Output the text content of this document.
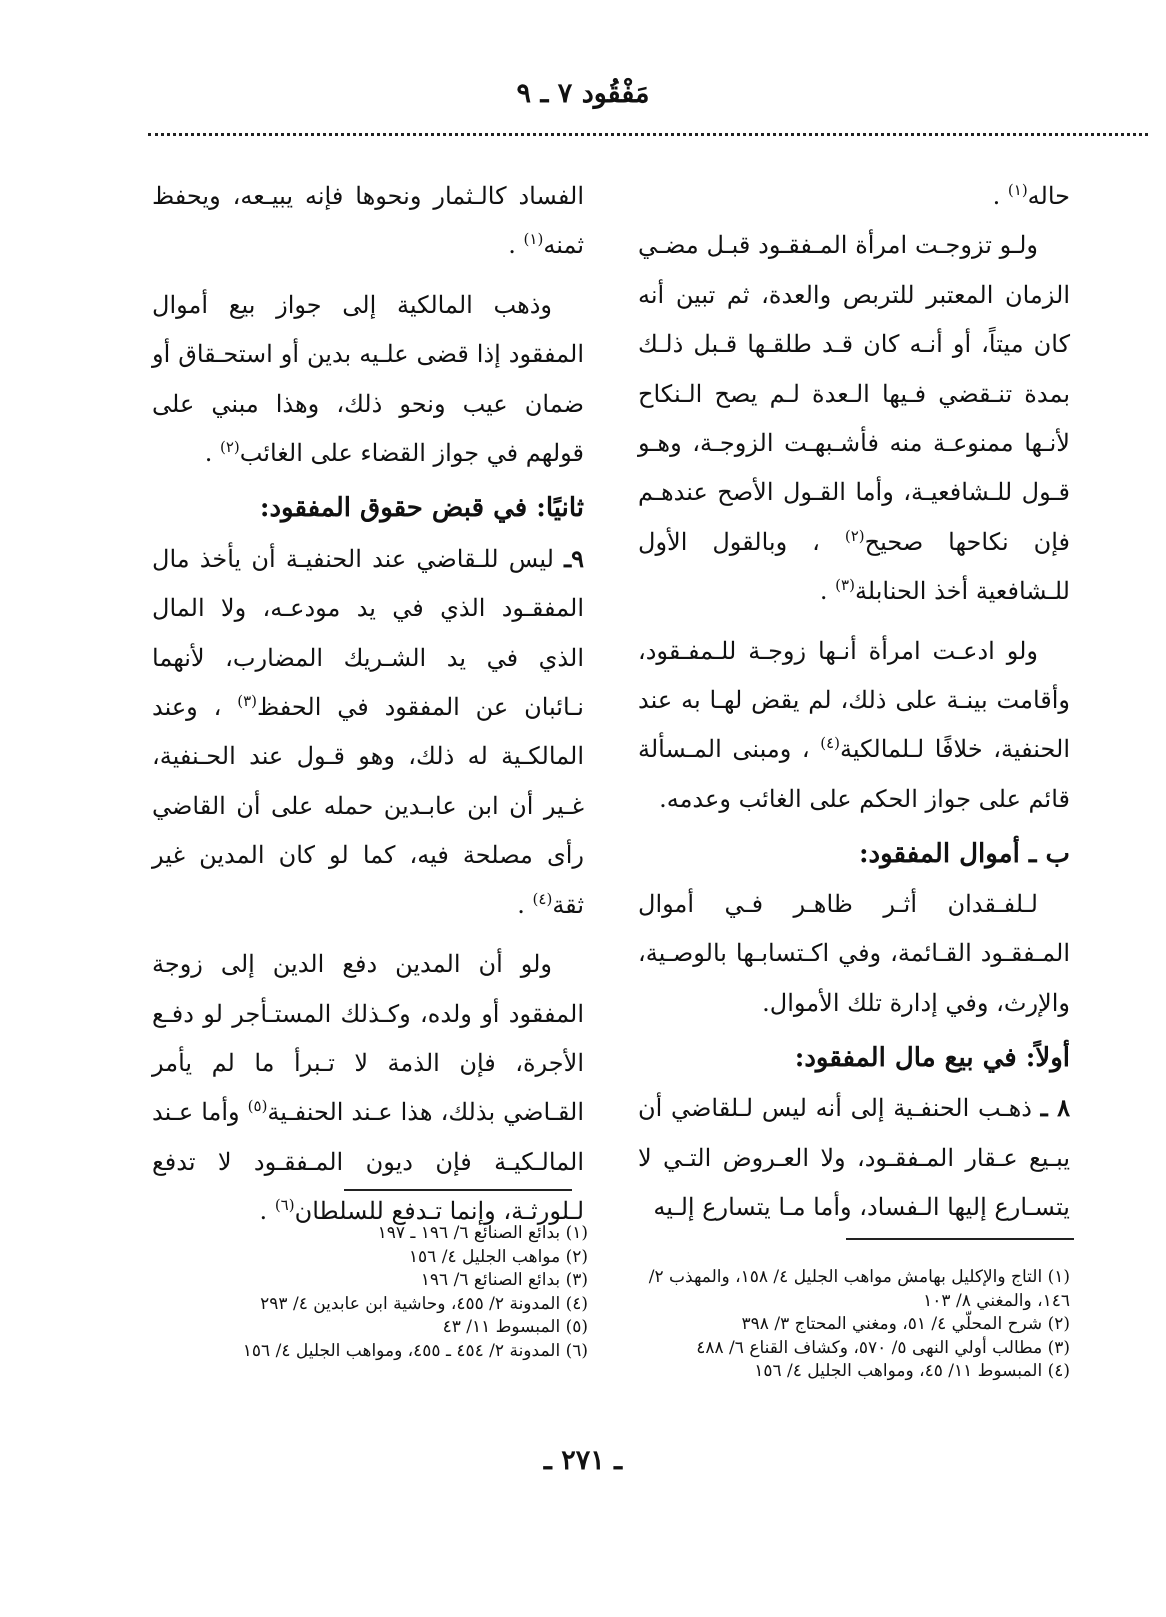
مَفْقُود ٧ ـ ٩

حاله$^{(١)}$ .

ولـو تزوجـت امرأة المـفقـود قبـل مضـي الزمان المعتبر للتربص والعدة، ثم تبين أنه كان ميتاً، أو أنـه كان قـد طلقـها قـبل ذلـك بمدة تنـقضي فـيها الـعدة لـم يصح الـنكاح لأنـها ممنوعـة منه فأشـبهـت الزوجـة، وهـو قـول للـشافعيـة، وأما القـول الأصح عندهـم فإن نكاحها صحيح$^{(٢)}$ ، وبالقول الأول للـشافعية أخذ الحنابلة$^{(٣)}$ .

ولو ادعـت امرأة أنـها زوجـة للـمفـقود، وأقامت بينـة على ذلك، لم يقض لهـا به عند الحنفية، خلافًا لـلمالكية$^{(٤)}$ ، ومبنى المـسألة قائم على جواز الحكم على الغائب وعدمه.

ب ـ أموال المفقود:

لـلفـقدان أثـر ظاهـر فـي أموال المـفقـود القـائمة، وفي اكـتسابـها بالوصـية، والإرث، وفي إدارة تلك الأموال.

أولاً: في بيع مال المفقود:

٨ ـ ذهـب الحنفـية إلى أنه ليس لـلقاضي أن يبـيع عـقار المـفقـود، ولا العـروض التـي لا يتسـارع إليها الـفساد، وأما مـا يتسارع إلـيه

الفساد كالـثمار ونحوها فإنه يبيـعه، ويحفظ ثمنه$^{(١)}$ .

وذهب المالكية إلى جواز بيع أموال المفقود إذا قضى علـيه بدين أو استحـقاق أو ضمان عيب ونحو ذلك، وهذا مبني على قولهم في جواز القضاء على الغائب$^{(٢)}$ .

ثانيًا: في قبض حقوق المفقود:

٩ـ ليس للـقاضي عند الحنفيـة أن يأخذ مال المفقـود الذي في يد مودعـه، ولا المال الذي في يد الشـريك المضارب، لأنهما نـائبان عن المفقود في الحفظ$^{(٣)}$ ، وعند المالكـية له ذلك، وهو قـول عند الحـنفية، غـير أن ابن عابـدين حمله على أن القاضي رأى مصلحة فيه، كما لو كان المدين غير ثقة$^{(٤)}$ .

ولو أن المدين دفع الدين إلى زوجة المفقود أو ولده، وكـذلك المستـأجر لو دفـع الأجرة، فإن الذمة لا تـبرأ ما لم يأمر القـاضي بذلك، هذا عـند الحنفـية$^{(٥)}$ وأما عـند المالـكيـة فإن ديون المـفقـود لا تدفع لـلورثـة، وإنما تـدفع للسلطان$^{(٦)}$ .

(١) التاج والإكليل بهامش مواهب الجليل ٤/ ١٥٨، والمهذب ٢/ ١٤٦، والمغني ٨/ ١٠٣

(٢) شرح المحلّي ٤/ ٥١، ومغني المحتاج ٣/ ٣٩٨

(٣) مطالب أولي النهى ٥/ ٥٧٠، وكشاف القناع ٦/ ٤٨٨

(٤) المبسوط ١١/ ٤٥، ومواهب الجليل ٤/ ١٥٦

(١) بدائع الصنائع ٦/ ١٩٦ ـ ١٩٧

(٢) مواهب الجليل ٤/ ١٥٦

(٣) بدائع الصنائع ٦/ ١٩٦

(٤) المدونة ٢/ ٤٥٥، وحاشية ابن عابدين ٤/ ٢٩٣

(٥) المبسوط ١١/ ٤٣

(٦) المدونة ٢/ ٤٥٤ ـ ٤٥٥، ومواهب الجليل ٤/ ١٥٦

ـ ٢٧١ ـ
